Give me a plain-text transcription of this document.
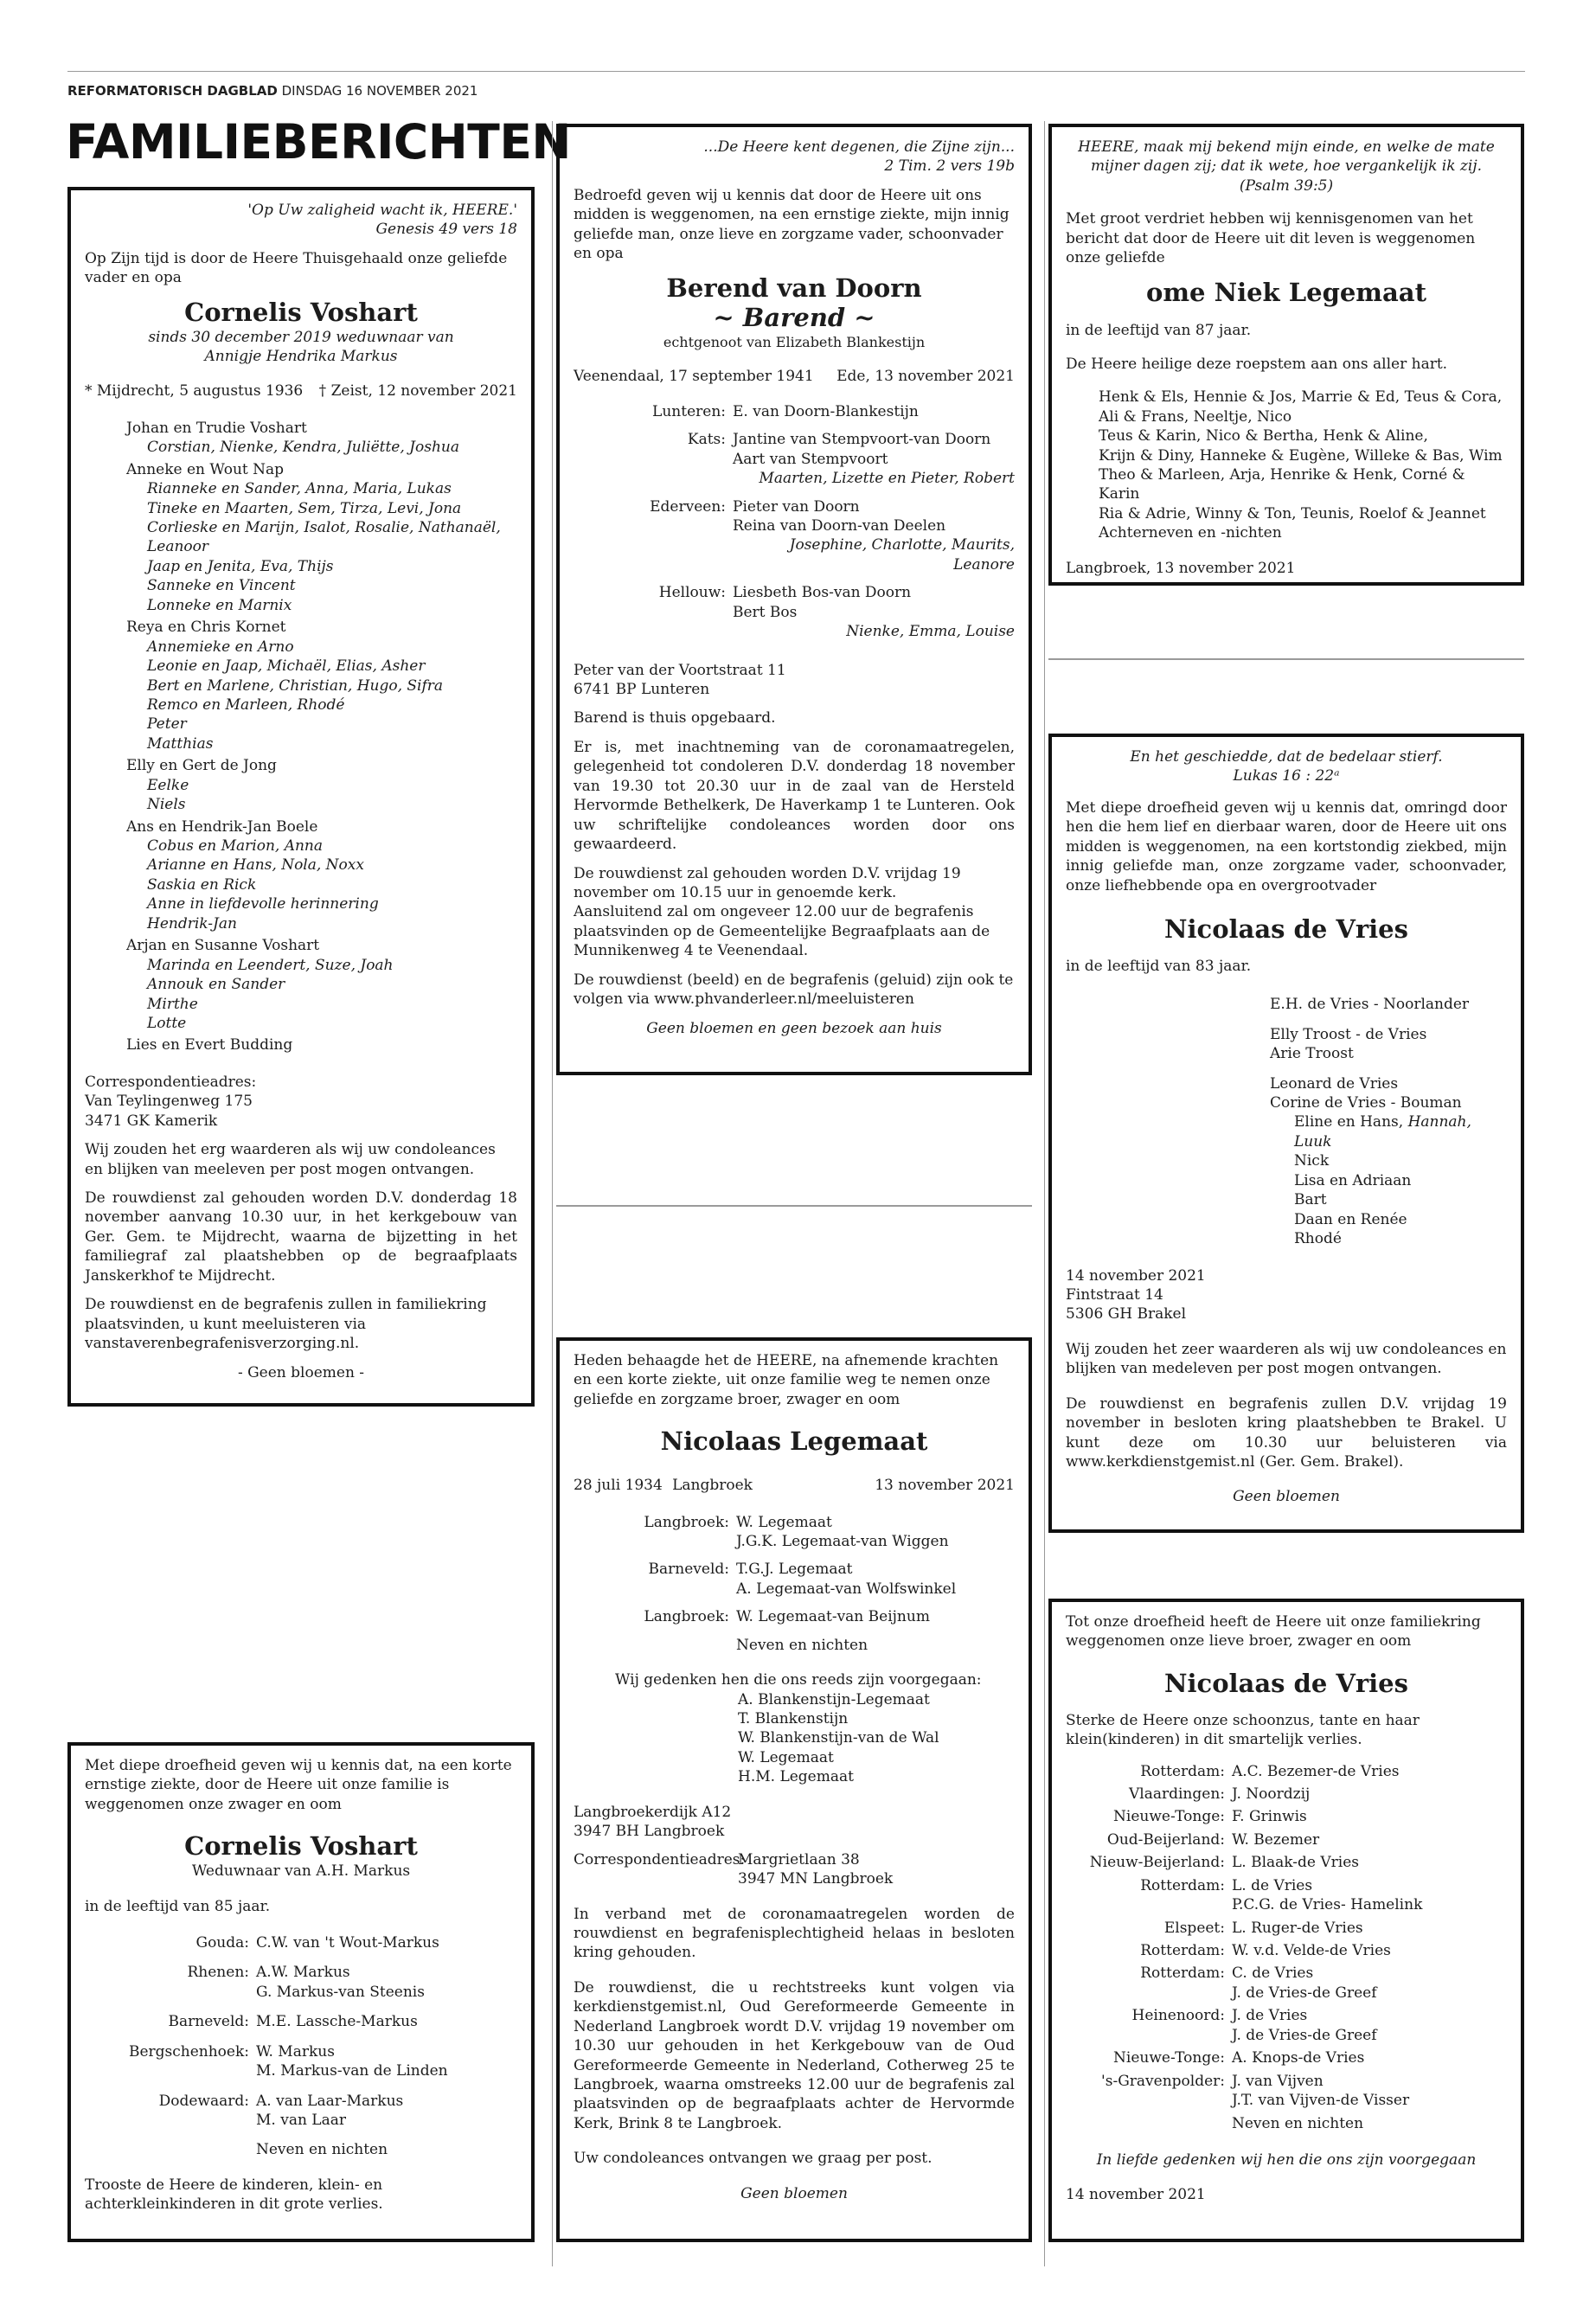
REFORMATORISCH DAGBLAD DINSDAG 16 NOVEMBER 2021
FAMILIEBERICHTEN
'Op Uw zaligheid wacht ik, HEERE.'
Genesis 49 vers 18
Op Zijn tijd is door de Heere Thuisgehaald onze geliefde vader en opa
Cornelis Voshart
sinds 30 december 2019 weduwnaar van
Annigje Hendrika Markus
* Mijdrecht, 5 augustus 1936 † Zeist, 12 november 2021
Johan en Trudie Voshart
Corstian, Nienke, Kendra, Juliëtte, Joshua
Anneke en Wout Nap
Rianneke en Sander, Anna, Maria, Lukas
Tineke en Maarten, Sem, Tirza, Levi, Jona
Corlieske en Marijn, Isalot, Rosalie, Nathanaël, Leanoor
Jaap en Jenita, Eva, Thijs
Sanneke en Vincent
Lonneke en Marnix
Reya en Chris Kornet
Annemieke en Arno
Leonie en Jaap, Michaël, Elias, Asher
Bert en Marlene, Christian, Hugo, Sifra
Remco en Marleen, Rhodé
Peter
Matthias
Elly en Gert de Jong
Eelke
Niels
Ans en Hendrik-Jan Boele
Cobus en Marion, Anna
Arianne en Hans, Nola, Noxx
Saskia en Rick
Anne in liefdevolle herinnering
Hendrik-Jan
Arjan en Susanne Voshart
Marinda en Leendert, Suze, Joah
Annouk en Sander
Mirthe
Lotte
Lies en Evert Budding
Correspondentieadres:
Van Teylingenweg 175
3471 GK Kamerik
Wij zouden het erg waarderen als wij uw condoleances en blijken van meeleven per post mogen ontvangen.
De rouwdienst zal gehouden worden D.V. donderdag 18 november aanvang 10.30 uur, in het kerkgebouw van Ger. Gem. te Mijdrecht, waarna de bijzetting in het familiegraf zal plaatshebben op de begraafplaats Janskerkhof te Mijdrecht.
De rouwdienst en de begrafenis zullen in familiekring plaatsvinden, u kunt meeluisteren via vanstaverenbegrafenisverzorging.nl.
- Geen bloemen -
Met diepe droefheid geven wij u kennis dat, na een korte ernstige ziekte, door de Heere uit onze familie is weggenomen onze zwager en oom
Cornelis Voshart
Weduwnaar van A.H. Markus
in de leeftijd van 85 jaar.
Gouda: C.W. van 't Wout-Markus
Rhenen: A.W. Markus
G. Markus-van Steenis
Barneveld: M.E. Lassche-Markus
Bergschenhoek: W. Markus
M. Markus-van de Linden
Dodewaard: A. van Laar-Markus
M. van Laar
Neven en nichten
Trooste de Heere de kinderen, klein- en achterkleinkinderen in dit grote verlies.
...De Heere kent degenen, die Zijne zijn...
2 Tim. 2 vers 19b
Bedroefd geven wij u kennis dat door de Heere uit ons midden is weggenomen, na een ernstige ziekte, mijn innig geliefde man, onze lieve en zorgzame vader, schoonvader en opa
Berend van Doorn
~ Barend ~
echtgenoot van Elizabeth Blankestijn
Veenendaal, 17 september 1941 Ede, 13 november 2021
Lunteren: E. van Doorn-Blankestijn
Kats: Jantine van Stempvoort-van Doorn
Aart van Stempvoort
Maarten, Lizette en Pieter, Robert
Ederveen: Pieter van Doorn
Reina van Doorn-van Deelen
Josephine, Charlotte, Maurits, Leanore
Hellouw: Liesbeth Bos-van Doorn
Bert Bos
Nienke, Emma, Louise
Peter van der Voortstraat 11
6741 BP Lunteren
Barend is thuis opgebaard.
Er is, met inachtneming van de coronamaatregelen, gelegenheid tot condoleren D.V. donderdag 18 november van 19.30 tot 20.30 uur in de zaal van de Hersteld Hervormde Bethelkerk, De Haverkamp 1 te Lunteren. Ook uw schriftelijke condoleances worden door ons gewaardeerd.
De rouwdienst zal gehouden worden D.V. vrijdag 19 november om 10.15 uur in genoemde kerk.
Aansluitend zal om ongeveer 12.00 uur de begrafenis plaatsvinden op de Gemeentelijke Begraafplaats aan de Munnikenweg 4 te Veenendaal.
De rouwdienst (beeld) en de begrafenis (geluid) zijn ook te volgen via www.phvanderleer.nl/meeluisteren
Geen bloemen en geen bezoek aan huis
Heden behaagde het de HEERE, na afnemende krachten en een korte ziekte, uit onze familie weg te nemen onze geliefde en zorgzame broer, zwager en oom
Nicolaas Legemaat
28 juli 1934 Langbroek	13 november 2021
Langbroek: W. Legemaat
J.G.K. Legemaat-van Wiggen
Barneveld: T.G.J. Legemaat
A. Legemaat-van Wolfswinkel
Langbroek: W. Legemaat-van Beijnum
Neven en nichten
Wij gedenken hen die ons reeds zijn voorgegaan:
A. Blankenstijn-Legemaat
T. Blankenstijn
W. Blankenstijn-van de Wal
W. Legemaat
H.M. Legemaat
Langbroekerdijk A12
3947 BH Langbroek
Correspondentieadres:
Margrietlaan 38
3947 MN Langbroek
In verband met de coronamaatregelen worden de rouwdienst en begrafenisplechtigheid helaas in besloten kring gehouden.
De rouwdienst, die u rechtstreeks kunt volgen via kerkdienstgemist.nl, Oud Gereformeerde Gemeente in Nederland Langbroek wordt D.V. vrijdag 19 november om 10.30 uur gehouden in het Kerkgebouw van de Oud Gereformeerde Gemeente in Nederland, Cotherweg 25 te Langbroek, waarna omstreeks 12.00 uur de begrafenis zal plaatsvinden op de begraafplaats achter de Hervormde Kerk, Brink 8 te Langbroek.
Uw condoleances ontvangen we graag per post.
Geen bloemen
HEERE, maak mij bekend mijn einde, en welke de mate mijner dagen zij; dat ik wete, hoe vergankelijk ik zij. (Psalm 39:5)
Met groot verdriet hebben wij kennisgenomen van het bericht dat door de Heere uit dit leven is weggenomen onze geliefde
ome Niek Legemaat
in de leeftijd van 87 jaar.
De Heere heilige deze roepstem aan ons aller hart.
Henk & Els, Hennie & Jos, Marrie & Ed, Teus & Cora,
Ali & Frans, Neeltje, Nico
Teus & Karin, Nico & Bertha, Henk & Aline,
Krijn & Diny, Hanneke & Eugène, Willeke & Bas, Wim
Theo & Marleen, Arja, Henrike & Henk, Corné & Karin
Ria & Adrie, Winny & Ton, Teunis, Roelof & Jeannet
Achterneven en -nichten
Langbroek, 13 november 2021
En het geschiedde, dat de bedelaar stierf.
Lukas 16 : 22ᵃ
Met diepe droefheid geven wij u kennis dat, omringd door hen die hem lief en dierbaar waren, door de Heere uit ons midden is weggenomen, na een kortstondig ziekbed, mijn innig geliefde man, onze zorgzame vader, schoonvader, onze liefhebbende opa en overgrootvader
Nicolaas de Vries
in de leeftijd van 83 jaar.
E.H. de Vries - Noorlander
Elly Troost - de Vries
Arie Troost
Leonard de Vries
Corine de Vries - Bouman
Eline en Hans, Hannah, Luuk
Nick
Lisa en Adriaan
Bart
Daan en Renée
Rhodé
14 november 2021
Fintstraat 14
5306 GH Brakel
Wij zouden het zeer waarderen als wij uw condoleances en blijken van medeleven per post mogen ontvangen.
De rouwdienst en begrafenis zullen D.V. vrijdag 19 november in besloten kring plaatshebben te Brakel. U kunt deze om 10.30 uur beluisteren via www.kerkdienstgemist.nl (Ger. Gem. Brakel).
Geen bloemen
Tot onze droefheid heeft de Heere uit onze familiekring weggenomen onze lieve broer, zwager en oom
Nicolaas de Vries
Sterke de Heere onze schoonzus, tante en haar klein(kinderen) in dit smartelijk verlies.
Rotterdam: A.C. Bezemer-de Vries
Vlaardingen: J. Noordzij
Nieuwe-Tonge: F. Grinwis
Oud-Beijerland: W. Bezemer
Nieuw-Beijerland: L. Blaak-de Vries
Rotterdam: L. de Vries
P.C.G. de Vries- Hamelink
Elspeet: L. Ruger-de Vries
Rotterdam: W. v.d. Velde-de Vries
Rotterdam: C. de Vries
J. de Vries-de Greef
Heinenoord: J. de Vries
J. de Vries-de Greef
Nieuwe-Tonge: A. Knops-de Vries
's-Gravenpolder: J. van Vijven
J.T. van Vijven-de Visser
Neven en nichten
In liefde gedenken wij hen die ons zijn voorgegaan
14 november 2021
